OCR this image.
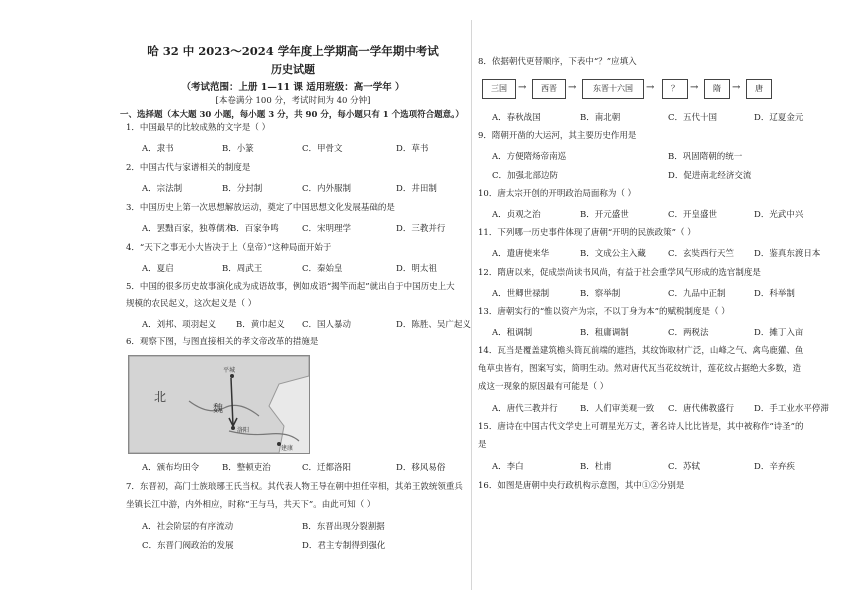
哈 32 中 2023～2024 学年度上学期高一学年期中考试
历史试题
（考试范围：上册 1—11 课 适用班级：高一学年 ）
[本卷满分 100 分，考试时间为 40 分钟]
一、选择题（本大题 30 小题，每小题 3 分，共 90 分，每小题只有 1 个选项符合题意。）
1．中国最早的比较成熟的文字是（ ）
A．隶书	B．小篆	C．甲骨文	D．草书
2．中国古代与家谱相关的制度是
A．宗法制	B．分封制	C．内外服制	D．井田制
3．中国历史上第一次思想解放运动，奠定了中国思想文化发展基础的是
A．罢黜百家，独尊儒术
B．百家争鸣	C．宋明理学	D．三教并行
4．“天下之事无小大皆决于上（皇帝）”这种局面开始于
A．夏启	B．周武王	C．秦始皇	D．明太祖
5．中国的很多历史故事演化成为成语故事，例如成语“揭竿而起”就出自于中国历史上大
规模的农民起义，这次起义是（ ）
A．刘邦、项羽起义 B．黄巾起义 C．国人暴动	D．陈胜、吴广起义
6．观察下图，与图直接相关的孝文帝改革的措施是
北
魏
平城
洛阳
建康
A．颁布均田令	B．整顿吏治	C．迁都洛阳	D．移风易俗
7．东晋初，高门士族琅琊王氏当权。其代表人物王导在朝中担任宰相，其弟王敦统领重兵
坐镇长江中游，内外相应，时称“王与马，共天下”。由此可知（ ）
A．社会阶层的有序流动	B．东晋出现分裂割据
C．东晋门阀政治的发展	D．君主专制得到强化
8．依据朝代更替顺序，下表中“？”应填入
三国	→	西晋	→	东晋十六国	→	？	→	隋	→	唐
A．春秋战国	B．南北朝	C．五代十国	D．辽夏金元
9．隋朝开凿的大运河，其主要历史作用是
A．方便隋炀帝南巡	B．巩固隋朝的统一
C．加强北部边防	D．促进南北经济交流
10．唐太宗开创的开明政治局面称为（ ）
A．贞观之治	B．开元盛世	C．开皇盛世	D．光武中兴
11．下列哪一历史事件体现了唐朝“开明的民族政策”（ ）
A．遣唐使来华	B．文成公主入藏	C．玄奘西行天竺 D．鉴真东渡日本
12．隋唐以来，促成崇尚读书风尚，有益于社会重学风气形成的选官制度是
A．世卿世禄制	B．察举制	C．九品中正制	D．科举制
13．唐朝实行的“惟以资产为宗，不以丁身为本”的赋税制度是（ ）
A．租调制	B．租庸调制	C．两税法	D．摊丁入亩
14．瓦当是覆盖建筑檐头筒瓦前端的遮挡，其纹饰取材广泛，山峰之气、禽鸟鹿獾、鱼
龟草虫皆有，图案写实，简明生动。然对唐代瓦当花纹统计，莲花纹占据绝大多数，造
成这一现象的原因最有可能是（ ）
A．唐代三教并行	B．人们审美观一致 C．唐代佛教盛行 D．手工业水平停滞
15．唐诗在中国古代文学史上可谓星光万丈，著名诗人比比皆是，其中被称作“诗圣”的
是
A．李白	B．杜甫	C．苏轼	D．辛弃疾
16．如图是唐朝中央行政机构示意图，其中①②分别是
